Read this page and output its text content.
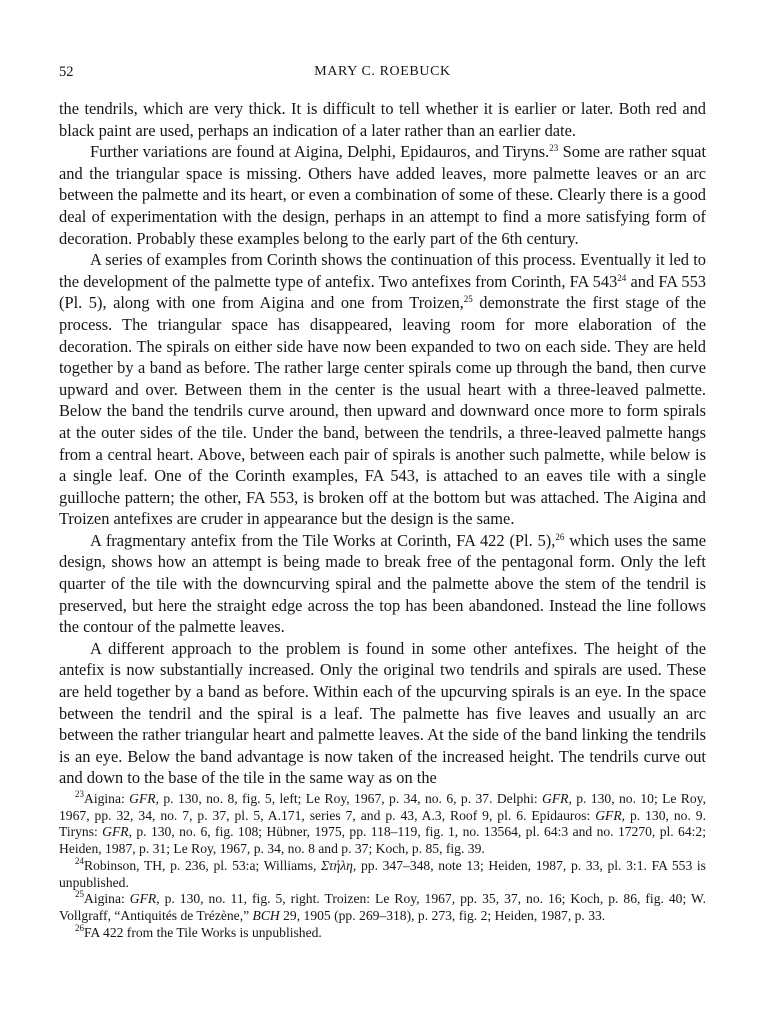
52	MARY C. ROEBUCK

the tendrils, which are very thick. It is difficult to tell whether it is earlier or later. Both red and black paint are used, perhaps an indication of a later rather than an earlier date.

Further variations are found at Aigina, Delphi, Epidauros, and Tiryns.$^{23}$ Some are rather squat and the triangular space is missing. Others have added leaves, more palmette leaves or an arc between the palmette and its heart, or even a combination of some of these. Clearly there is a good deal of experimentation with the design, perhaps in an attempt to find a more satisfying form of decoration. Probably these examples belong to the early part of the 6th century.

A series of examples from Corinth shows the continuation of this process. Eventually it led to the development of the palmette type of antefix. Two antefixes from Corinth, FA $543^{24}$ and FA 553 (Pl. 5), along with one from Aigina and one from Troizen,$^{25}$ demonstrate the first stage of the process. The triangular space has disappeared, leaving room for more elaboration of the decoration. The spirals on either side have now been expanded to two on each side. They are held together by a band as before. The rather large center spirals come up through the band, then curve upward and over. Between them in the center is the usual heart with a three-leaved palmette. Below the band the tendrils curve around, then upward and downward once more to form spirals at the outer sides of the tile. Under the band, between the tendrils, a three-leaved palmette hangs from a central heart. Above, between each pair of spirals is another such palmette, while below is a single leaf. One of the Corinth examples, FA 543, is attached to an eaves tile with a single guilloche pattern; the other, FA 553, is broken off at the bottom but was attached. The Aigina and Troizen antefixes are cruder in appearance but the design is the same.

A fragmentary antefix from the Tile Works at Corinth, FA 422 (Pl. 5),$^{26}$ which uses the same design, shows how an attempt is being made to break free of the pentagonal form. Only the left quarter of the tile with the downcurving spiral and the palmette above the stem of the tendril is preserved, but here the straight edge across the top has been abandoned. Instead the line follows the contour of the palmette leaves.

A different approach to the problem is found in some other antefixes. The height of the antefix is now substantially increased. Only the original two tendrils and spirals are used. These are held together by a band as before. Within each of the upcurving spirals is an eye. In the space between the tendril and the spiral is a leaf. The palmette has five leaves and usually an arc between the rather triangular heart and palmette leaves. At the side of the band linking the tendrils is an eye. Below the band advantage is now taken of the increased height. The tendrils curve out and down to the base of the tile in the same way as on the

$^{23}$Aigina: GFR, p. 130, no. 8, fig. 5, left; Le Roy, 1967, p. 34, no. 6, p. 37. Delphi: GFR, p. 130, no. 10; Le Roy, 1967, pp. 32, 34, no. 7, p. 37, pl. 5, A.171, series 7, and p. 43, A.3, Roof 9, pl. 6. Epidauros: GFR, p. 130, no. 9. Tiryns: GFR, p. 130, no. 6, fig. 108; Hübner, 1975, pp. 118–119, fig. 1, no. 13564, pl. 64:3 and no. 17270, pl. 64:2; Heiden, 1987, p. 31; Le Roy, 1967, p. 34, no. 8 and p. 37; Koch, p. 85, fig. 39.

$^{24}$Robinson, TH, p. 236, pl. 53:a; Williams, Στήλη, pp. 347–348, note 13; Heiden, 1987, p. 33, pl. 3:1. FA 553 is unpublished.

$^{25}$Aigina: GFR, p. 130, no. 11, fig. 5, right. Troizen: Le Roy, 1967, pp. 35, 37, no. 16; Koch, p. 86, fig. 40; W. Vollgraff, “Antiquités de Trézène,” BCH 29, 1905 (pp. 269–318), p. 273, fig. 2; Heiden, 1987, p. 33.

$^{26}$FA 422 from the Tile Works is unpublished.
